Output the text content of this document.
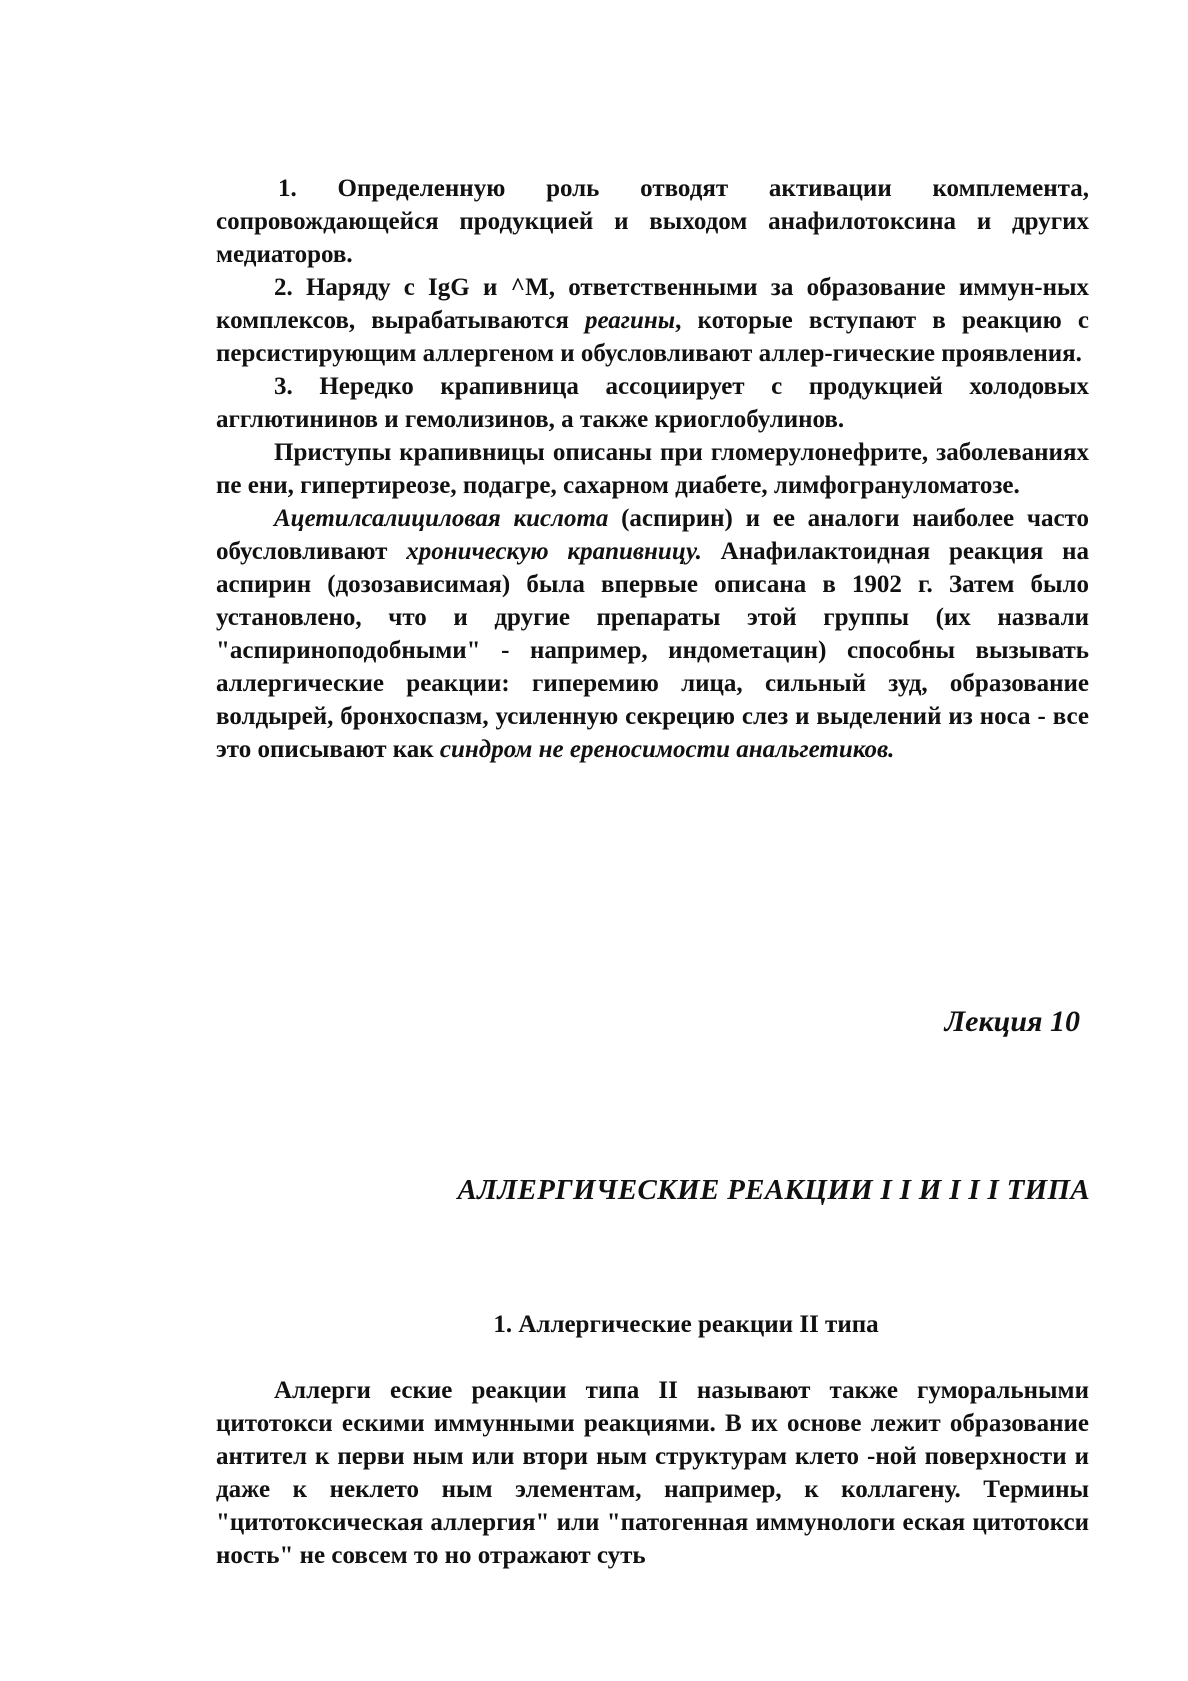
1. Определенную роль отводят активации комплемента, сопровождающейся продукцией и выходом анафилотоксина и других медиаторов.

2. Наряду с IgG и ^M, ответственными за образование иммун-ных комплексов, вырабатываются реагины, которые вступают в реакцию с персистирующим аллергеном и обусловливают аллер-гические проявления.

3. Нередко крапивница ассоциирует с продукцией холодовых агглютининов и гемолизинов, а также криоглобулинов.

Приступы крапивницы описаны при гломерулонефрите, заболеваниях пе ени, гипертиреозе, подагре, сахарном диабете, лимфогрануломатозе.

Ацетилсалициловая кислота (аспирин) и ее аналоги наиболее часто обусловливают хроническую крапивницу. Анафилактоидная реакция на аспирин (дозозависимая) была впервые описана в 1902 г. Затем было установлено, что и другие препараты этой группы (их назвали "аспириноподобными" - например, индометацин) способны вызывать аллергические реакции: гиперемию лица, сильный зуд, образование волдырей, бронхоспазм, усиленную секрецию слез и выделений из носа - все это описывают как синдром не ереносимости анальгетиков.

Лекция 10
АЛЛЕРГИЧЕСКИЕ РЕАКЦИИ I I И I I I ТИПА
1. Аллергические реакции II типа

Аллерги еские реакции типа II называют также гуморальными цитотокси ескими иммунными реакциями. В их основе лежит образование антител к перви ным или втори ным структурам клето -ной поверхности и даже к неклето ным элементам, например, к коллагену. Термины "цитотоксическая аллергия" или "патогенная иммунологи еская цитотокси ность" не совсем то но отражают суть
